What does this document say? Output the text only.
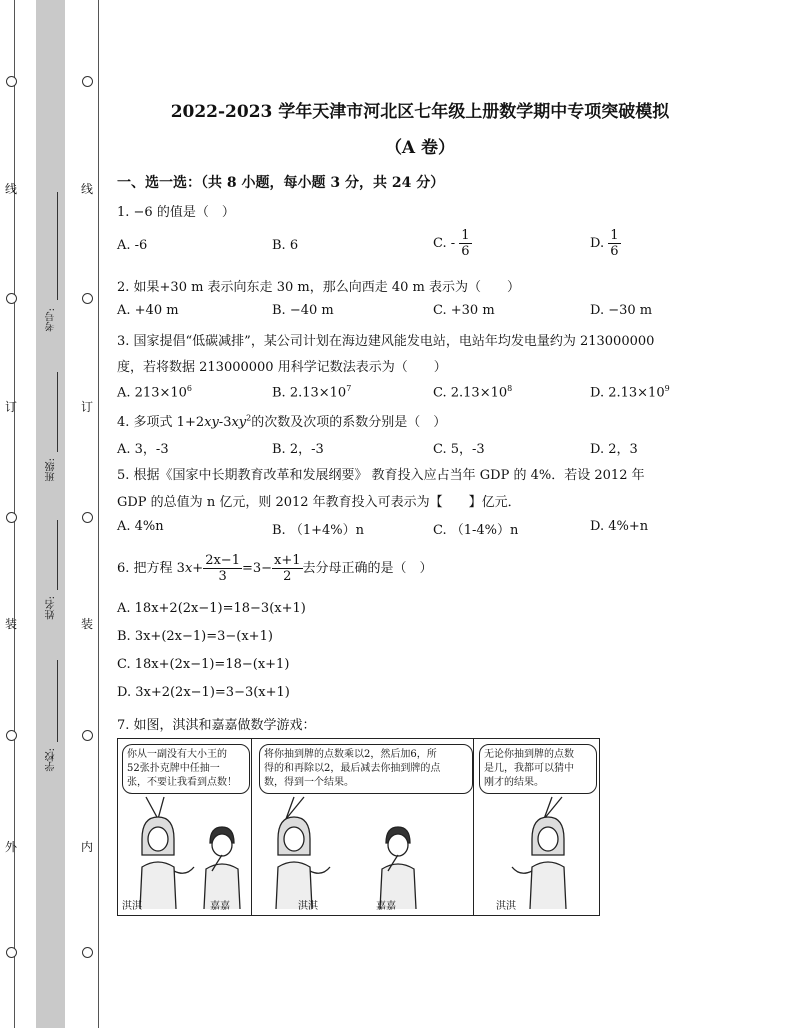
线
订
装
外
线
订
装
内
考号:
班级:
姓名:
学校:
2022-2023 学年天津市河北区七年级上册数学期中专项突破模拟
（A 卷）
一、选一选：（共 8 小题，每小题 3 分，共 24 分）
1. −6 的值是（　）
A. -6	B. 6	C. - $\frac{1}{6}$	D. $\frac{1}{6}$
2. 如果+30 m 表示向东走 30 m，那么向西走 40 m 表示为（　　）
A. +40 m	B. −40 m	C. +30 m	D. −30 m
3. 国家提倡“低碳减排”，某公司计划在海边建风能发电站，电站年均发电量约为 213000000
度，若将数据 213000000 用科学记数法表示为（　　）
A. $213\times 10^6$	B. $2.13\times 10^7$	C. $2.13\times 10^8$	D. $2.13\times 10^9$
4. 多项式 $1+2xy-3xy^2$的次数及次项的系数分别是（　）
A. 3，-3	B. 2，-3	C. 5，-3	D. 2，3
5. 根据《国家中长期教育改革和发展纲要》 教育投入应占当年 GDP 的 4%．若设 2012 年
GDP 的总值为 n 亿元，则 2012 年教育投入可表示为【　　】亿元．
A. 4%n	B. （1+4%）n	C. （1-4%）n	D. 4%+n
6. 把方程 $3x+ \frac{2x-1}{3} =3- \frac{x+1}{2}$ 去分母正确的是（　）
A. 18x+2(2x−1)=18−3(x+1)
B. 3x+(2x−1)=3−(x+1)
C. 18x+(2x−1)=18−(x+1)
D. 3x+2(2x−1)=3−3(x+1)
7. 如图，淇淇和嘉嘉做数学游戏：
你从一副没有大小王的
52张扑克牌中任抽一
张，不要让我看到点数！
将你抽到牌的点数乘以2，然后加6，所
得的和再除以2，最后减去你抽到牌的点
数，得到一个结果。
无论你抽到牌的点数
是几，我都可以猜中
刚才的结果。
淇淇	嘉嘉	淇淇	嘉嘉	淇淇
